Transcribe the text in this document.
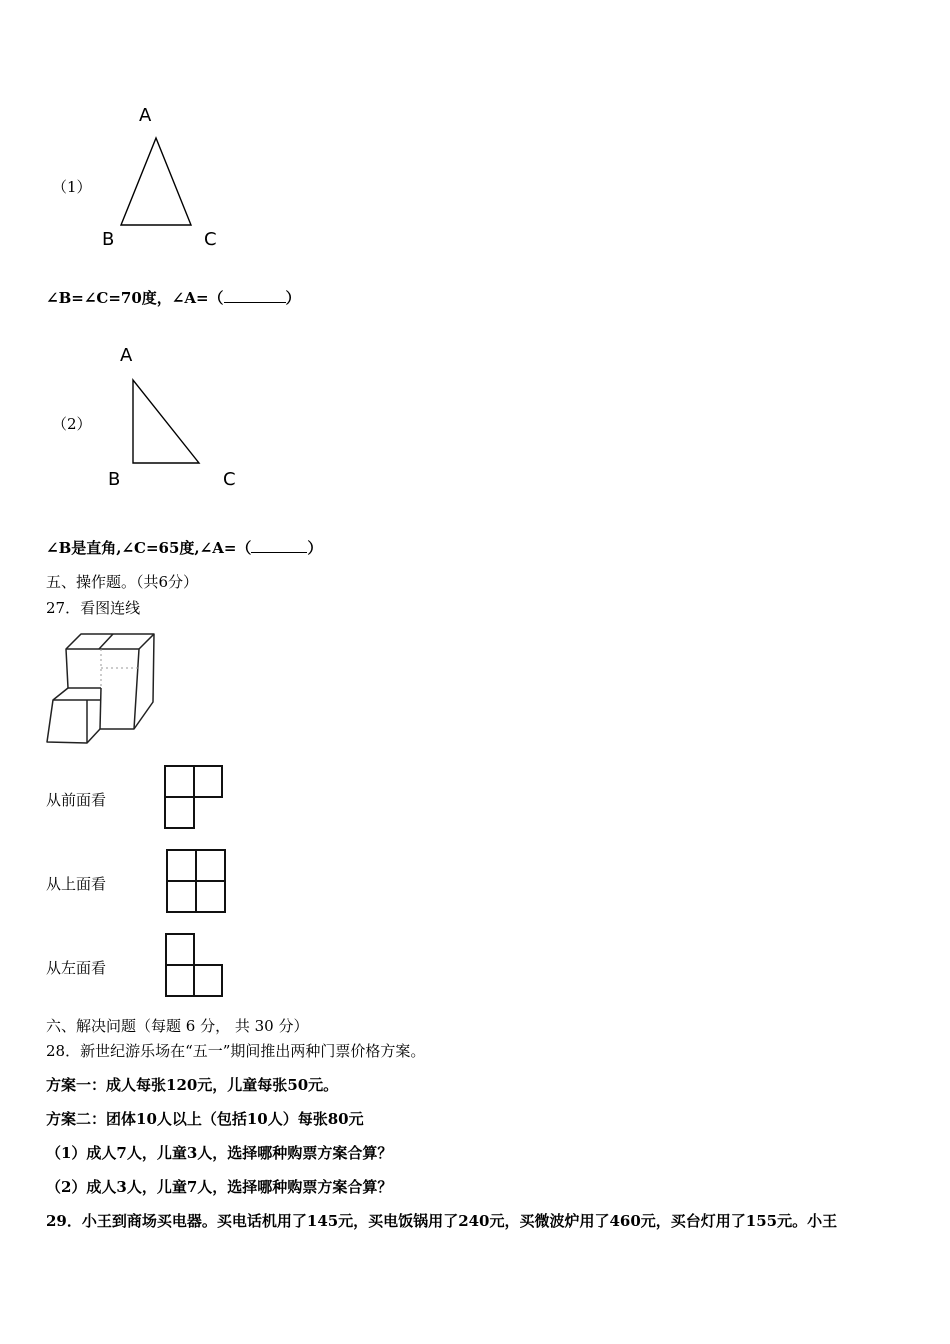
（1）
A
B	C
∠B=∠C=70度，∠A=（	）
（2）
A
B	C
∠B是直角,∠C=65度,∠A=（	）
五、操作题。（共6分）
27．看图连线
从前面看
从上面看
从左面看
六、解决问题（每题 6 分， 共 30 分）
28．新世纪游乐场在“五一”期间推出两种门票价格方案。
方案一：成人每张120元，儿童每张50元。
方案二：团体10人以上（包括10人）每张80元
（1）成人7人，儿童3人，选择哪种购票方案合算？
（2）成人3人，儿童7人，选择哪种购票方案合算？
29．小王到商场买电器。买电话机用了145元，买电饭锅用了240元，买微波炉用了460元，买台灯用了155元。小王
